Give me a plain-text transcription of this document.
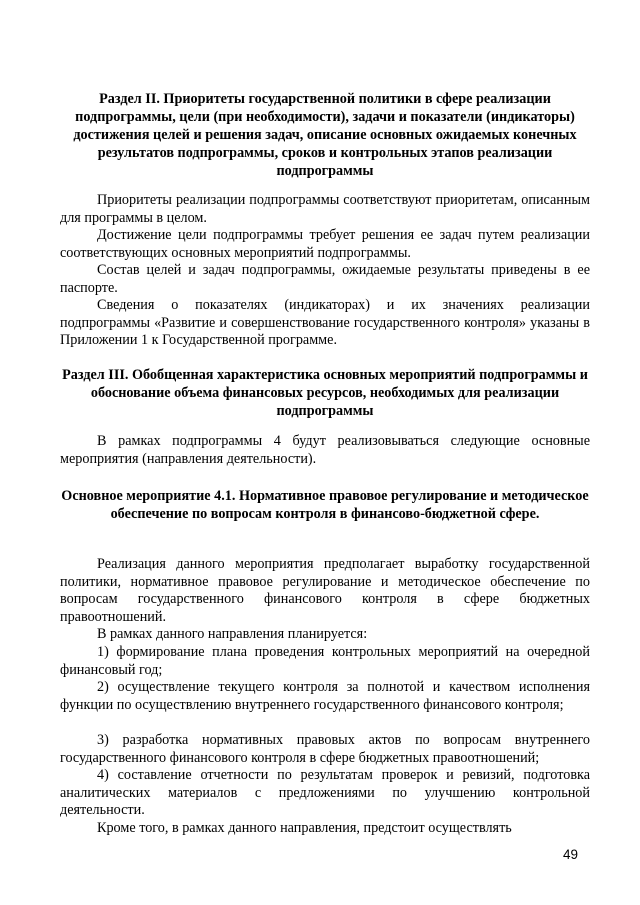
Раздел II. Приоритеты государственной политики в сфере реализации подпрограммы, цели (при необходимости), задачи и показатели (индикаторы) достижения целей и решения задач, описание основных ожидаемых конечных результатов подпрограммы, сроков и контрольных этапов реализации подпрограммы

Приоритеты реализации подпрограммы соответствуют приоритетам, описанным для программы в целом.

Достижение цели подпрограммы требует решения ее задач путем реализации соответствующих основных мероприятий подпрограммы.

Состав целей и задач подпрограммы, ожидаемые результаты приведены в ее паспорте.

Сведения о показателях (индикаторах) и их значениях реализации подпрограммы «Развитие и совершенствование государственного контроля» указаны в Приложении 1 к Государственной программе.

Раздел III. Обобщенная характеристика основных мероприятий подпрограммы и обоснование объема финансовых ресурсов, необходимых для реализации подпрограммы

В рамках подпрограммы 4 будут реализовываться следующие основные мероприятия (направления деятельности).

Основное мероприятие 4.1. Нормативное правовое регулирование и методическое обеспечение по вопросам контроля в финансово-бюджетной сфере.

Реализация данного мероприятия предполагает выработку государственной политики, нормативное правовое регулирование и методическое обеспечение по вопросам государственного финансового контроля в сфере бюджетных правоотношений.

В рамках данного направления планируется:

1) формирование плана проведения контрольных мероприятий на очередной финансовый год;

2) осуществление текущего контроля за полнотой и качеством исполнения функции по осуществлению внутреннего государственного финансового контроля;

3) разработка нормативных правовых актов по вопросам внутреннего государственного финансового контроля в сфере бюджетных правоотношений;

4) составление отчетности по результатам проверок и ревизий, подготовка аналитических материалов с предложениями по улучшению контрольной деятельности.

Кроме того, в рамках данного направления, предстоит осуществлять

49
